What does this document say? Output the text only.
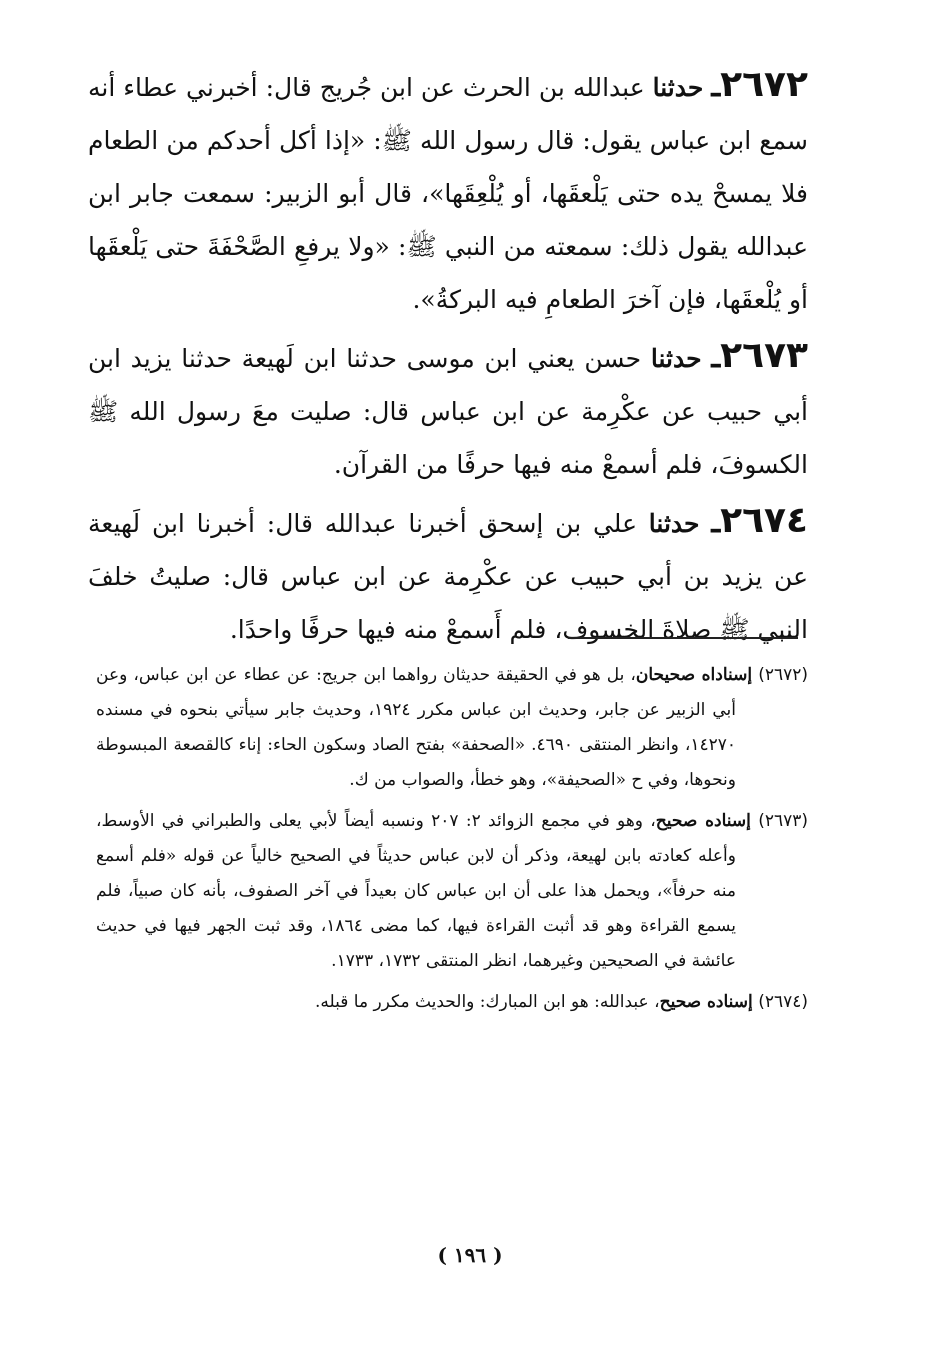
٢٦٧٢ـ حدثنا عبدالله بن الحرث عن ابن جُريج قال: أخبرني عطاء أنه سمع ابن عباس يقول: قال رسول الله ﷺ: «إذا أكل أحدكم من الطعام فلا يمسحْ يده حتى يَلْعقَها، أو يُلْعِقَها»، قال أبو الزبير: سمعت جابر ابن عبدالله يقول ذلك: سمعته من النبي ﷺ: «ولا يرفعِ الصَّحْفَةَ حتى يَلْعقَها أو يُلْعقَها، فإن آخرَ الطعامِ فيه البركةُ».

٢٦٧٣ـ حدثنا حسن يعني ابن موسى حدثنا ابن لَهيعة حدثنا يزيد ابن أبي حبيب عن عكْرِمة عن ابن عباس قال: صليت معَ رسول الله ﷺ الكسوفَ، فلم أسمعْ منه فيها حرفًا من القرآن.

٢٦٧٤ـ حدثنا علي بن إسحق أخبرنا عبدالله قال: أخبرنا ابن لَهيعة عن يزيد بن أبي حبيب عن عكْرِمة عن ابن عباس قال: صليتُ خلفَ النبي ﷺ صلاةَ الخسوف، فلم أَسمعْ منه فيها حرفًا واحدًا.

(٢٦٧٢) إسناداه صحيحان، بل هو في الحقيقة حديثان رواهما ابن جريج: عن عطاء عن ابن عباس، وعن أبي الزبير عن جابر، وحديث ابن عباس مكرر ١٩٢٤، وحديث جابر سيأتي بنحوه في مسنده ١٤٢٧٠، وانظر المنتقى ٤٦٩٠. «الصحفة» بفتح الصاد وسكون الحاء: إناء كالقصعة المبسوطة ونحوها، وفي ح «الصحيفة»، وهو خطأ، والصواب من ك.

(٢٦٧٣) إسناده صحيح، وهو في مجمع الزوائد ٢: ٢٠٧ ونسبه أيضاً لأبي يعلى والطبراني في الأوسط، وأعله كعادته بابن لهيعة، وذكر أن لابن عباس حديثاً في الصحيح خالياً عن قوله «فلم أسمع منه حرفاً»، ويحمل هذا على أن ابن عباس كان بعيداً في آخر الصفوف، بأنه كان صبياً، فلم يسمع القراءة وهو قد أثبت القراءة فيها، كما مضى ١٨٦٤، وقد ثبت الجهر فيها في حديث عائشة في الصحيحين وغيرهما، انظر المنتقى ١٧٣٢، ١٧٣٣.

(٢٦٧٤) إسناده صحيح، عبدالله: هو ابن المبارك: والحديث مكرر ما قبله.

( ١٩٦ )
